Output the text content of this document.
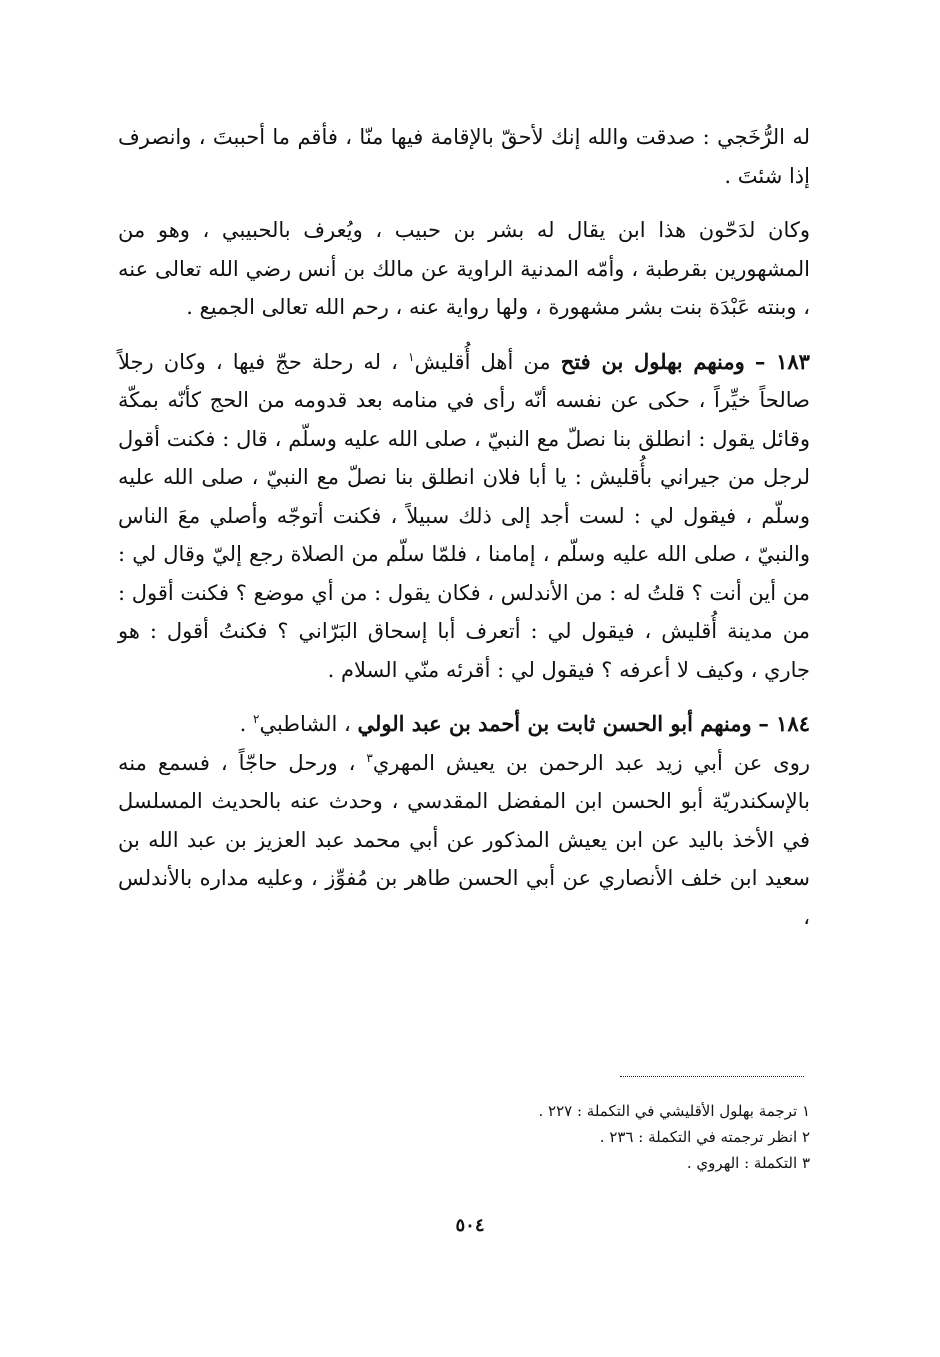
له الرُّخَجي : صدقت والله إنك لأحقّ بالإقامة فيها منّا ، فأقم ما أحببتَ ، وانصرف إذا شئتَ .

وكان لدَحّون هذا ابن يقال له بشر بن حبيب ، ويُعرف بالحبيبي ، وهو من المشهورين بقرطبة ، وأمّه المدنية الراوية عن مالك بن أنس رضي الله تعالى عنه ، وبنته عَبْدَة بنت بشر مشهورة ، ولها رواية عنه ، رحم الله تعالى الجميع .

١٨٣ – ومنهم بهلول بن فتح من أهل أُقليش$^١$ ، له رحلة حجّ فيها ، وكان رجلاً صالحاً خيِّراً ، حكى عن نفسه أنّه رأى في منامه بعد قدومه من الحج كأنّه بمكّة وقائل يقول : انطلق بنا نصلّ مع النبيّ ، صلى الله عليه وسلّم ، قال : فكنت أقول لرجل من جيراني بأُقليش : يا أبا فلان انطلق بنا نصلّ مع النبيّ ، صلى الله عليه وسلّم ، فيقول لي : لست أجد إلى ذلك سبيلاً ، فكنت أتوجّه وأصلي معَ الناس والنبيّ ، صلى الله عليه وسلّم ، إمامنا ، فلمّا سلّم من الصلاة رجع إليّ وقال لي : من أين أنت ؟ قلتُ له : من الأندلس ، فكان يقول : من أي موضع ؟ فكنت أقول : من مدينة أُقليش ، فيقول لي : أتعرف أبا إسحاق البَرّاني ؟ فكنتُ أقول : هو جاري ، وكيف لا أعرفه ؟ فيقول لي : أقرئه منّي السلام .

١٨٤ – ومنهم أبو الحسن ثابت بن أحمد بن عبد الولي ، الشاطبي$^٢$ .

روى عن أبي زيد عبد الرحمن بن يعيش المهري$^٣$ ، ورحل حاجّاً ، فسمع منه بالإسكندريّة أبو الحسن ابن المفضل المقدسي ، وحدث عنه بالحديث المسلسل في الأخذ باليد عن ابن يعيش المذكور عن أبي محمد عبد العزيز بن عبد الله بن سعيد ابن خلف الأنصاري عن أبي الحسن طاهر بن مُفوِّز ، وعليه مداره بالأندلس ،

١ ترجمة بهلول الأقليشي في التكملة : ٢٢٧ .

٢ انظر ترجمته في التكملة : ٢٣٦ .

٣ التكملة : الهروي .

٥٠٤
